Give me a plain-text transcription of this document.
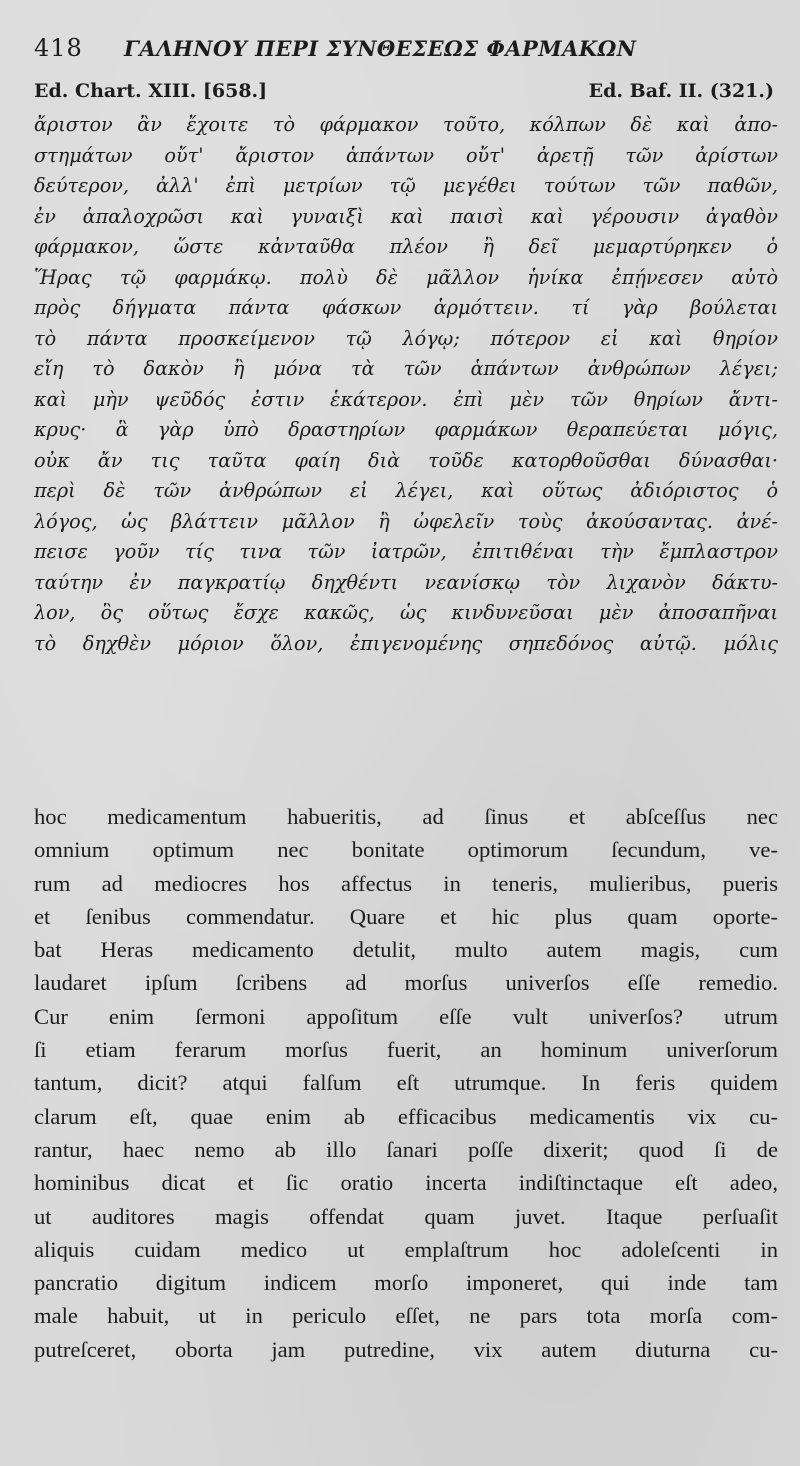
418 ΓΑΛΗΝΟΥ ΠΕΡΙ ΣΥΝΘΕΣΕΩΣ ΦΑΡΜΑΚΩΝ
Ed. Chart. XIII. [658.]	Ed. Baf. II. (321.)
ἄριστον ἂν ἔχοιτε τὸ φάρμακον τοῦτο, κόλπων δὲ καὶ ἀπο-
στημάτων οὔτ' ἄριστον ἁπάντων οὔτ' ἀρετῇ τῶν ἀρίστων
δεύτερον, ἀλλ' ἐπὶ μετρίων τῷ μεγέθει τούτων τῶν παθῶν,
ἐν ἁπαλοχρῶσι καὶ γυναιξὶ καὶ παισὶ καὶ γέρουσιν ἀγαθὸν
φάρμακον, ὥστε κἀνταῦθα πλέον ἢ δεῖ μεμαρτύρηκεν ὁ
Ἥρας τῷ φαρμάκῳ. πολὺ δὲ μᾶλλον ἡνίκα ἐπῄνεσεν αὐτὸ
πρὸς δήγματα πάντα φάσκων ἁρμόττειν. τί γὰρ βούλεται
τὸ πάντα προσκείμενον τῷ λόγῳ; πότερον εἰ καὶ θηρίον
εἴη τὸ δακὸν ἢ μόνα τὰ τῶν ἁπάντων ἀνθρώπων λέγει;
καὶ μὴν ψεῦδός ἐστιν ἑκάτερον. ἐπὶ μὲν τῶν θηρίων ἄντι-
κρυς· ἃ γὰρ ὑπὸ δραστηρίων φαρμάκων θεραπεύεται μόγις,
οὐκ ἄν τις ταῦτα φαίη διὰ τοῦδε κατορθοῦσθαι δύνασθαι·
περὶ δὲ τῶν ἀνθρώπων εἰ λέγει, καὶ οὕτως ἀδιόριστος ὁ
λόγος, ὡς βλάττειν μᾶλλον ἢ ὠφελεῖν τοὺς ἀκούσαντας. ἀνέ-
πεισε γοῦν τίς τινα τῶν ἰατρῶν, ἐπιτιθέναι τὴν ἔμπλαστρον
ταύτην ἐν παγκρατίῳ δηχθέντι νεανίσκῳ τὸν λιχανὸν δάκτυ-
λον, ὃς οὕτως ἔσχε κακῶς, ὡς κινδυνεῦσαι μὲν ἀποσαπῆναι
τὸ δηχθὲν μόριον ὅλον, ἐπιγενομένης σηπεδόνος αὐτῷ. μόλις
hoc medicamentum habueritis, ad ſinus et abſceſſus nec
omnium optimum nec bonitate optimorum ſecundum, ve-
rum ad mediocres hos affectus in teneris, mulieribus, pueris
et ſenibus commendatur. Quare et hic plus quam oporte-
bat Heras medicamento detulit, multo autem magis, cum
laudaret ipſum ſcribens ad morſus univerſos eſſe remedio.
Cur enim ſermoni appoſitum eſſe vult univerſos? utrum
ſi etiam ferarum morſus fuerit, an hominum univerſorum
tantum, dicit? atqui falſum eſt utrumque. In feris quidem
clarum eſt, quae enim ab efficacibus medicamentis vix cu-
rantur, haec nemo ab illo ſanari poſſe dixerit; quod ſi de
hominibus dicat et ſic oratio incerta indiſtinctaque eſt adeo,
ut auditores magis offendat quam juvet. Itaque perſuaſit
aliquis cuidam medico ut emplaſtrum hoc adoleſcenti in
pancratio digitum indicem morſo imponeret, qui inde tam
male habuit, ut in periculo eſſet, ne pars tota morſa com-
putreſceret, oborta jam putredine, vix autem diuturna cu-
